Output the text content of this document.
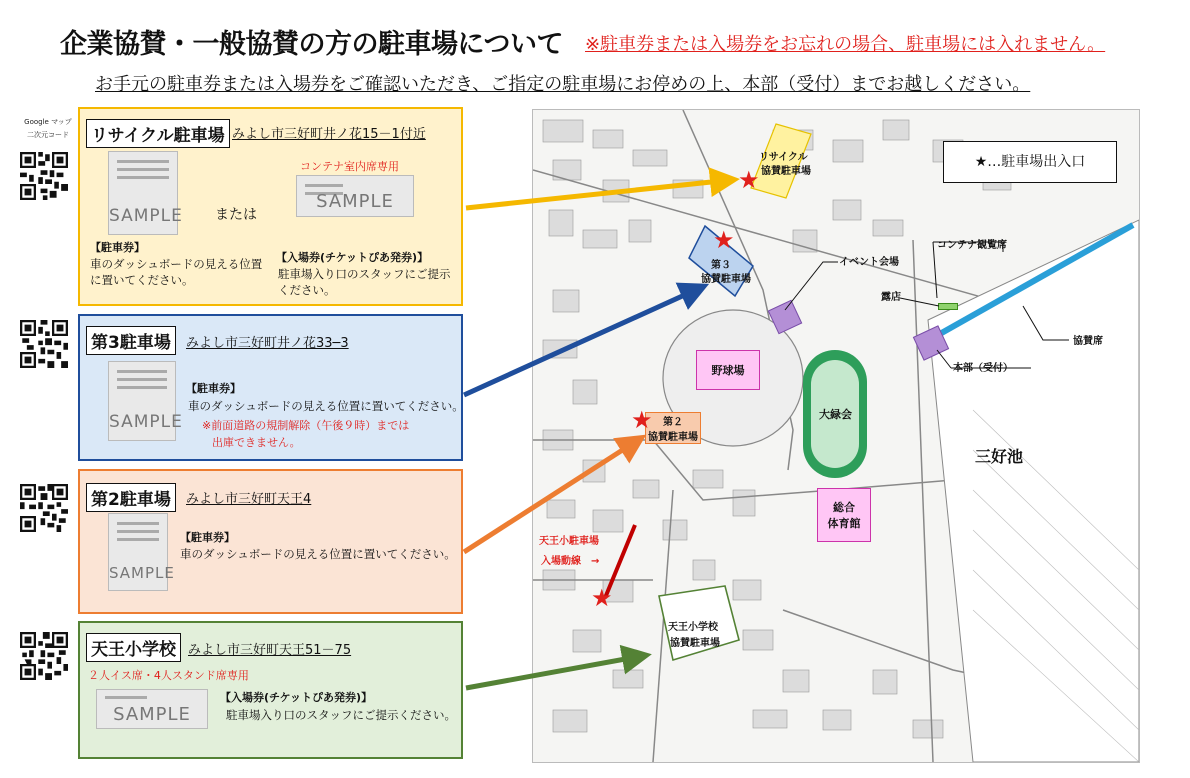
企業協賛・一般協賛の方の駐車場について ※駐車券または入場券をお忘れの場合、駐車場には入れません。
お手元の駐車券または入場券をご確認いただき、ご指定の駐車場にお停めの上、本部（受付）までお越しください。
Google マップ
二次元コード	リサイクル駐車場 みよし市三好町井ノ花15－1付近
SAMPLE
コンテナ室内席専用
SAMPLE
または
【駐車券】
車のダッシュボードの見える位置に置いてください。
【入場券(チケットぴあ発券)】
駐車場入り口のスタッフにご提示ください。
第3駐車場	みよし市三好町井ノ花33─3
SAMPLE
【駐車券】
車のダッシュボードの見える位置に置いてください。
※前面道路の規制解除（午後９時）までは
出庫できません。
第2駐車場	みよし市三好町天王4
SAMPLE
【駐車券】
車のダッシュボードの見える位置に置いてください。
天王小学校 みよし市三好町天王51－75
２人イス席・4人スタンド席専用
SAMPLE
【入場券(チケットぴあ発券)】
駐車場入り口のスタッフにご提示ください。
★…駐車場出入口
リサイクル
協賛駐車場
第３
協賛駐車場
第２
協賛駐車場
天王小学校
協賛駐車場
野球場
大緑会
総合
体育館
三好池
イベント会場
コンテナ観覧席
露店
協賛席
本部（受付）
天王小駐車場
入場動線　→
★
★
★
★
